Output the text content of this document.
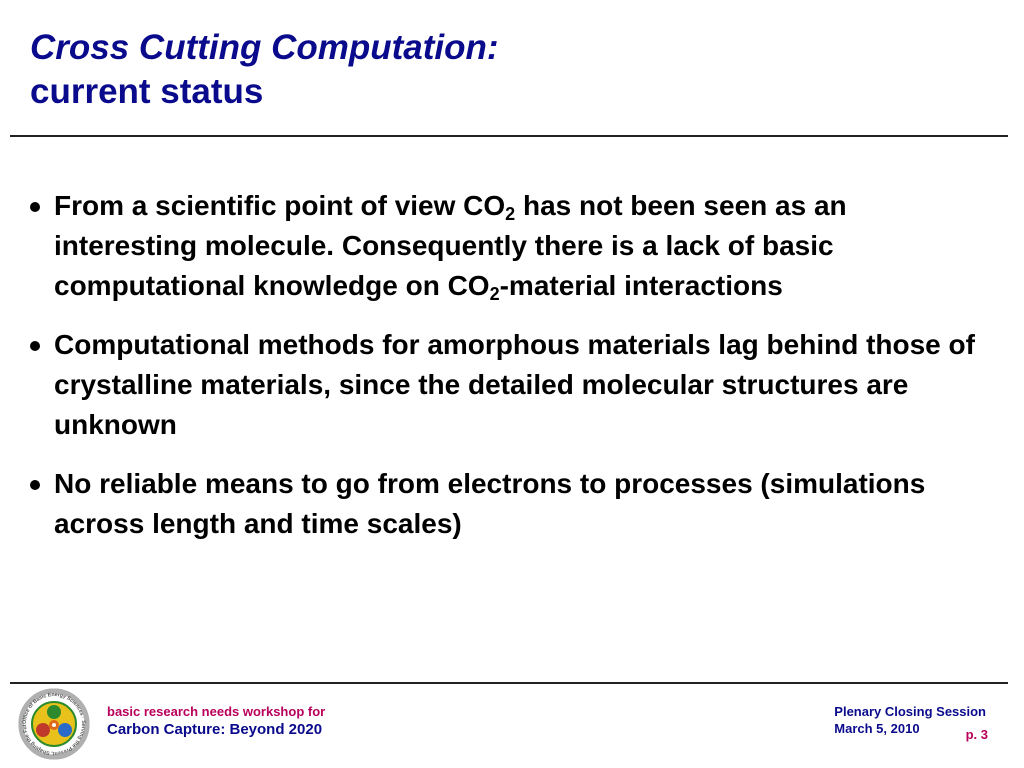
Cross Cutting Computation:
current status
From a scientific point of view $CO_2$ has not been seen as an interesting molecule. Consequently there is a lack of basic computational knowledge on $CO_2$-material interactions
Computational methods for amorphous materials lag behind those of crystalline materials, since the detailed molecular structures are unknown
No reliable means to go from electrons to processes (simulations across length and time scales)
Office of Basic Energy Sciences · Serving the Present, Shaping the Fut
basic research needs workshop for
Carbon Capture: Beyond 2020
Plenary Closing Session
March 5, 2010	p. 3
